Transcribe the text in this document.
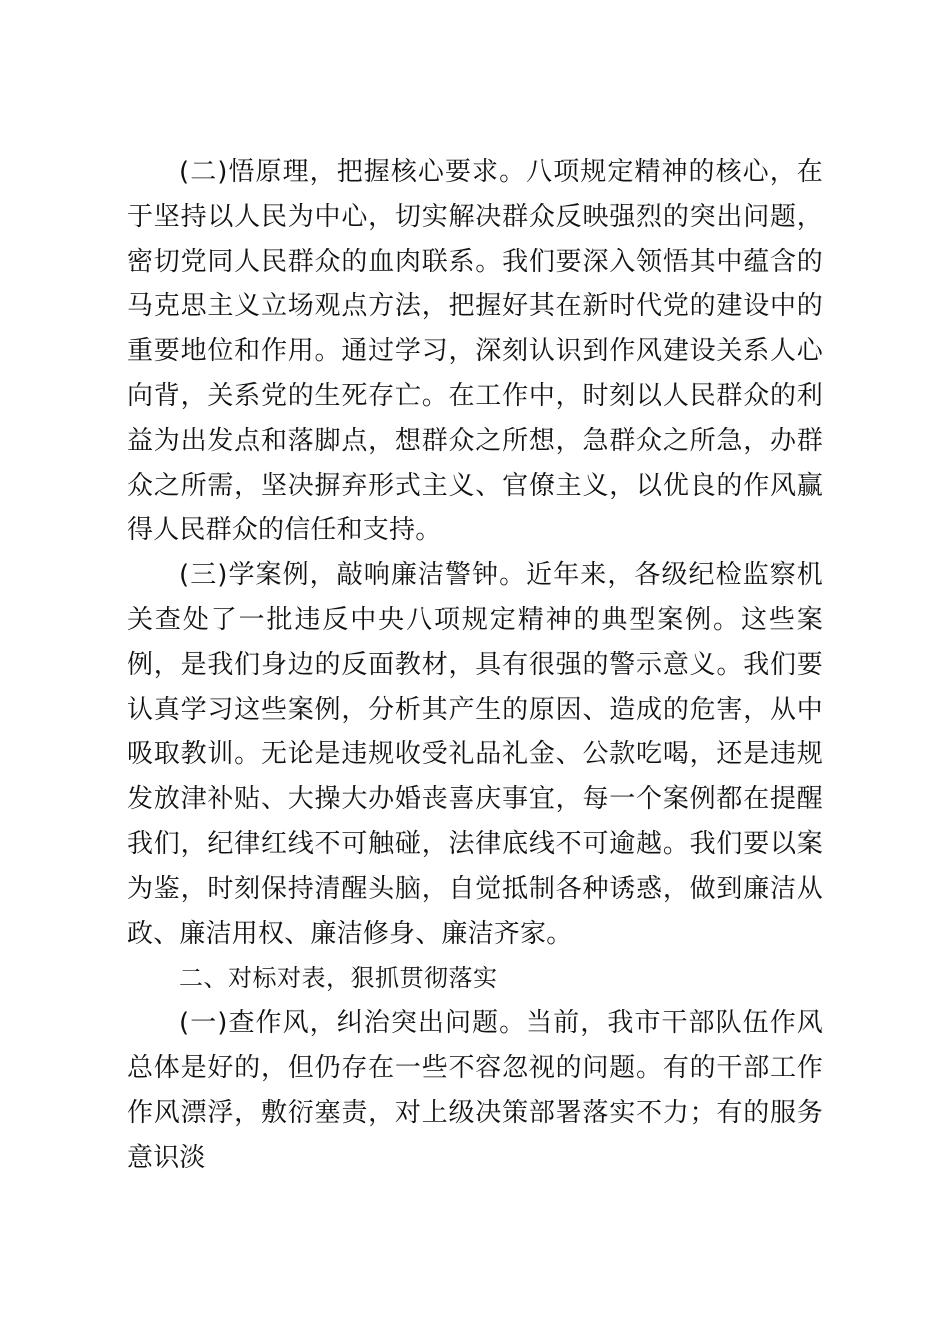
(二)悟原理，把握核心要求。八项规定精神的核心，在于坚持以人民为中心，切实解决群众反映强烈的突出问题，密切党同人民群众的血肉联系。我们要深入领悟其中蕴含的马克思主义立场观点方法，把握好其在新时代党的建设中的重要地位和作用。通过学习，深刻认识到作风建设关系人心向背，关系党的生死存亡。在工作中，时刻以人民群众的利益为出发点和落脚点，想群众之所想，急群众之所急，办群众之所需，坚决摒弃形式主义、官僚主义，以优良的作风赢得人民群众的信任和支持。

(三)学案例，敲响廉洁警钟。近年来，各级纪检监察机关查处了一批违反中央八项规定精神的典型案例。这些案例，是我们身边的反面教材，具有很强的警示意义。我们要认真学习这些案例，分析其产生的原因、造成的危害，从中吸取教训。无论是违规收受礼品礼金、公款吃喝，还是违规发放津补贴、大操大办婚丧喜庆事宜，每一个案例都在提醒我们，纪律红线不可触碰，法律底线不可逾越。我们要以案为鉴，时刻保持清醒头脑，自觉抵制各种诱惑，做到廉洁从政、廉洁用权、廉洁修身、廉洁齐家。

二、对标对表，狠抓贯彻落实

(一)查作风，纠治突出问题。当前，我市干部队伍作风总体是好的，但仍存在一些不容忽视的问题。有的干部工作作风漂浮，敷衍塞责，对上级决策部署落实不力；有的服务意识淡
